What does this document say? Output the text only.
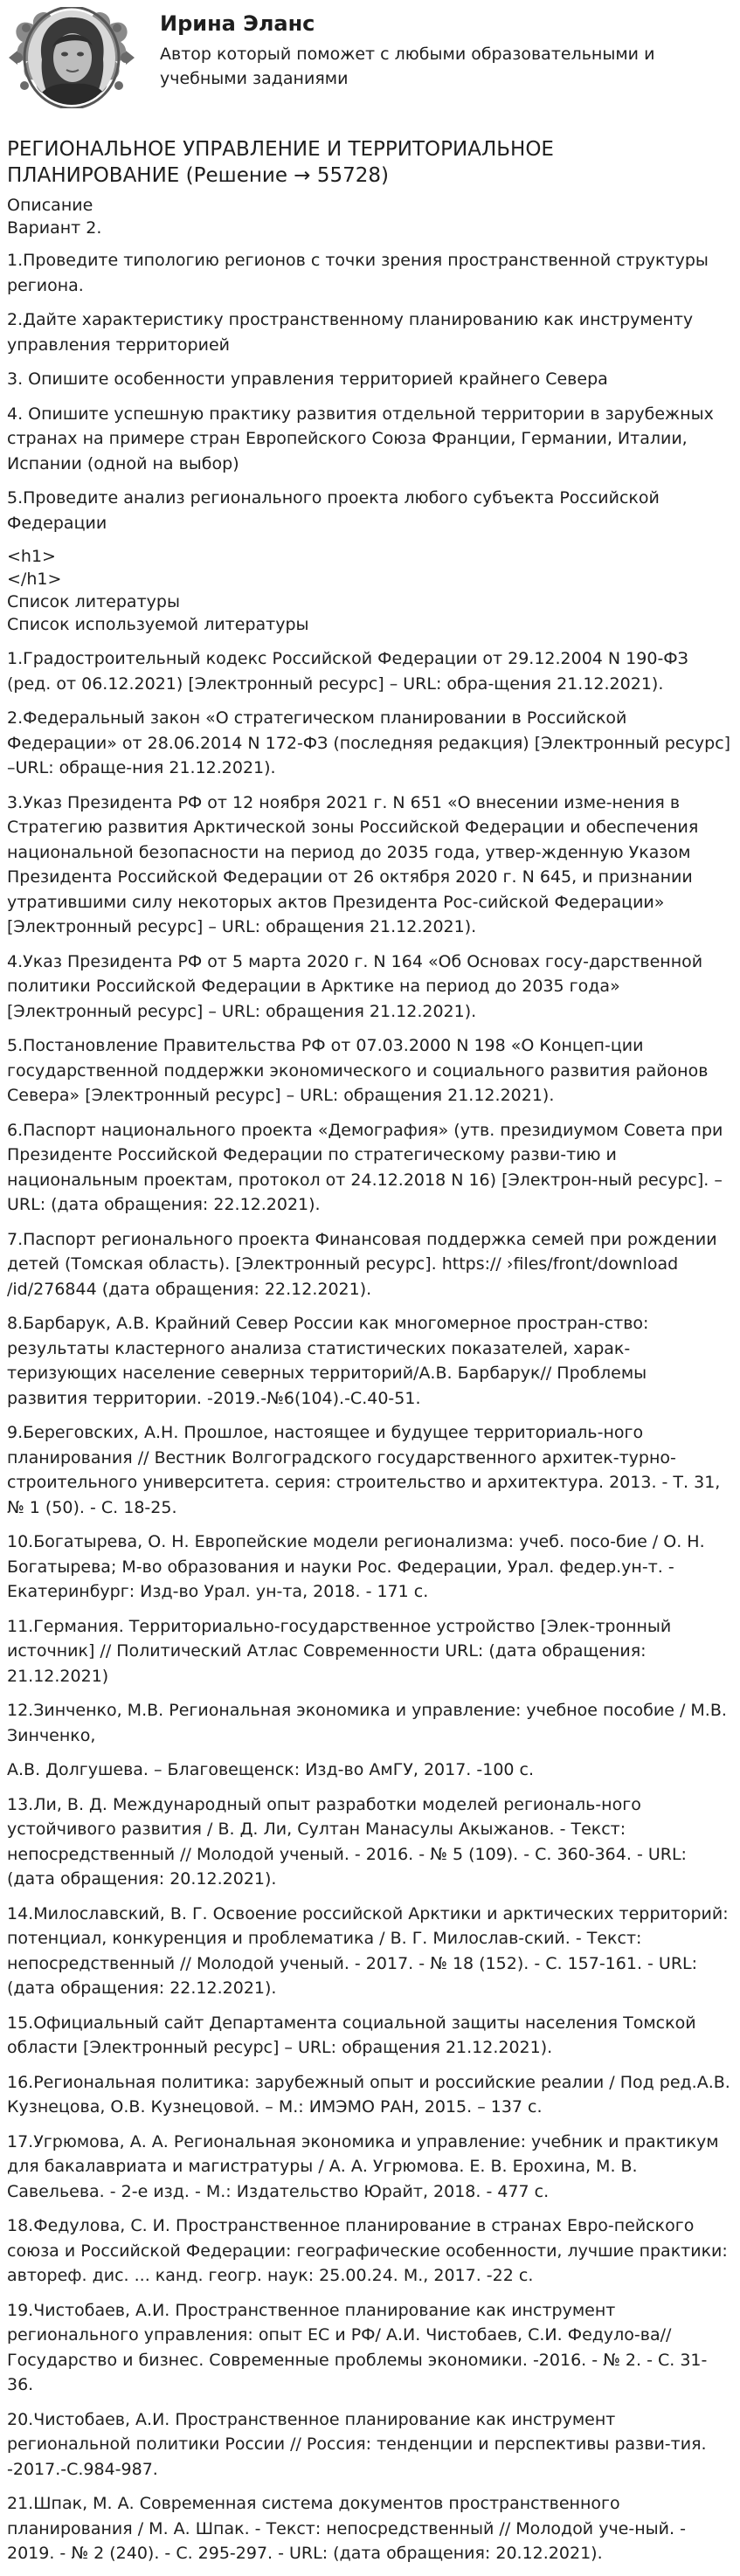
Ирина Эланс

Автор который поможет с любыми образовательными и учебными заданиями

РЕГИОНАЛЬНОЕ УПРАВЛЕНИЕ И ТЕРРИТОРИАЛЬНОЕ ПЛАНИРОВАНИЕ (Решение → 55728)

Описание

Вариант 2.

1.Проведите типологию регионов с точки зрения пространственной структуры региона.

2.Дайте характеристику пространственному планированию как инструменту управления территорией

3. Опишите особенности управления территорией крайнего Севера

4. Опишите успешную практику развития отдельной территории в зарубежных странах на примере стран Европейского Союза Франции, Германии, Италии, Испании (одной на выбор)

5.Проведите анализ регионального проекта любого субъекта Российской Федерации

<h1>

</h1>

Список литературы

Список используемой литературы

1.Градостроительный кодекс Российской Федерации от 29.12.2004 N 190-ФЗ (ред. от 06.12.2021) [Электронный ресурс] – URL: обра-щения 21.12.2021).

2.Федеральный закон «О стратегическом планировании в Российской Федерации» от 28.06.2014 N 172-ФЗ (последняя редакция) [Электронный ресурс] –URL: обраще-ния 21.12.2021).

3.Указ Президента РФ от 12 ноября 2021 г. N 651 «О внесении изме-нения в Стратегию развития Арктической зоны Российской Федерации и обеспечения национальной безопасности на период до 2035 года, утвер-жденную Указом Президента Российской Федерации от 26 октября 2020 г. N 645, и признании утратившими силу некоторых актов Президента Рос-сийской Федерации» [Электронный ресурс] – URL: обращения 21.12.2021).

4.Указ Президента РФ от 5 марта 2020 г. N 164 «Об Основах госу-дарственной политики Российской Федерации в Арктике на период до 2035 года» [Электронный ресурс] – URL: обращения 21.12.2021).

5.Постановление Правительства РФ от 07.03.2000 N 198 «О Концеп-ции государственной поддержки экономического и социального развития районов Севера» [Электронный ресурс] – URL: обращения 21.12.2021).

6.Паспорт национального проекта «Демография» (утв. президиумом Совета при Президенте Российской Федерации по стратегическому разви-тию и национальным проектам, протокол от 24.12.2018 N 16) [Электрон-ный ресурс]. – URL: (дата обращения: 22.12.2021).

7.Паспорт регионального проекта Финансовая поддержка семей при рождении детей (Томская область). [Электронный ресурс]. https:// ›files/front/download /id/276844 (дата обращения: 22.12.2021).

8.Барбарук, А.В. Крайний Север России как многомерное простран-ство: результаты кластерного анализа статистических показателей, харак-теризующих население северных территорий/А.В. Барбарук// Проблемы развития территории. -2019.-№6(104).-С.40-51.

9.Береговских, А.Н. Прошлое, настоящее и будущее территориаль-ного планирования // Вестник Волгоградского государственного архитек-турно-строительного университета. серия: строительство и архитектура. 2013. - Т. 31, № 1 (50). - С. 18-25.

10.Богатырева, О. Н. Европейские модели регионализма: учеб. посо-бие / О. Н. Богатырева; М-во образования и науки Рос. Федерации, Урал. федер.ун-т. - Екатеринбург: Изд-во Урал. ун-та, 2018. - 171 с.

11.Германия. Территориально-государственное устройство [Элек-тронный источник] // Политический Атлас Современности URL: (дата обращения: 21.12.2021)

12.Зинченко, М.В. Региональная экономика и управление: учебное пособие / М.В. Зинченко,

А.В. Долгушева. – Благовещенск: Изд-во АмГУ, 2017. -100 с.

13.Ли, В. Д. Международный опыт разработки моделей региональ-ного устойчивого развития / В. Д. Ли, Султан Манасулы Акыжанов. - Текст: непосредственный // Молодой ученый. - 2016. - № 5 (109). - С. 360-364. - URL: (дата обращения: 20.12.2021).

14.Милославский, В. Г. Освоение российской Арктики и арктических территорий: потенциал, конкуренция и проблематика / В. Г. Милослав-ский. - Текст: непосредственный // Молодой ученый. - 2017. - № 18 (152). - С. 157-161. - URL: (дата обращения: 22.12.2021).

15.Официальный сайт Департамента социальной защиты населения Томской области [Электронный ресурс] – URL: обращения 21.12.2021).

16.Региональная политика: зарубежный опыт и российские реалии / Под ред.А.В. Кузнецова, О.В. Кузнецовой. – М.: ИМЭМО РАН, 2015. – 137 с.

17.Угрюмова, А. А. Региональная экономика и управление: учебник и практикум для бакалавриата и магистратуры / А. А. Угрюмова. Е. В. Ерохина, М. В. Савельева. - 2-е изд. - М.: Издательство Юрайт, 2018. - 477 с.

18.Федулова, С. И. Пространственное планирование в странах Евро-пейского союза и Российской Федерации: географические особенности, лучшие практики: автореф. дис. ... канд. геогр. наук: 25.00.24. М., 2017. -22 с.

19.Чистобаев, А.И. Пространственное планирование как инструмент регионального управления: опыт ЕС и РФ/ А.И. Чистобаев, С.И. Федуло-ва// Государство и бизнес. Современные проблемы экономики. -2016. - № 2. - С. 31-36.

20.Чистобаев, А.И. Пространственное планирование как инструмент региональной политики России // Россия: тенденции и перспективы разви-тия. -2017.-С.984-987.

21.Шпак, М. А. Современная система документов пространственного планирования / М. А. Шпак. - Текст: непосредственный // Молодой уче-ный. - 2019. - № 2 (240). - С. 295-297. - URL: (дата обращения: 20.12.2021).
